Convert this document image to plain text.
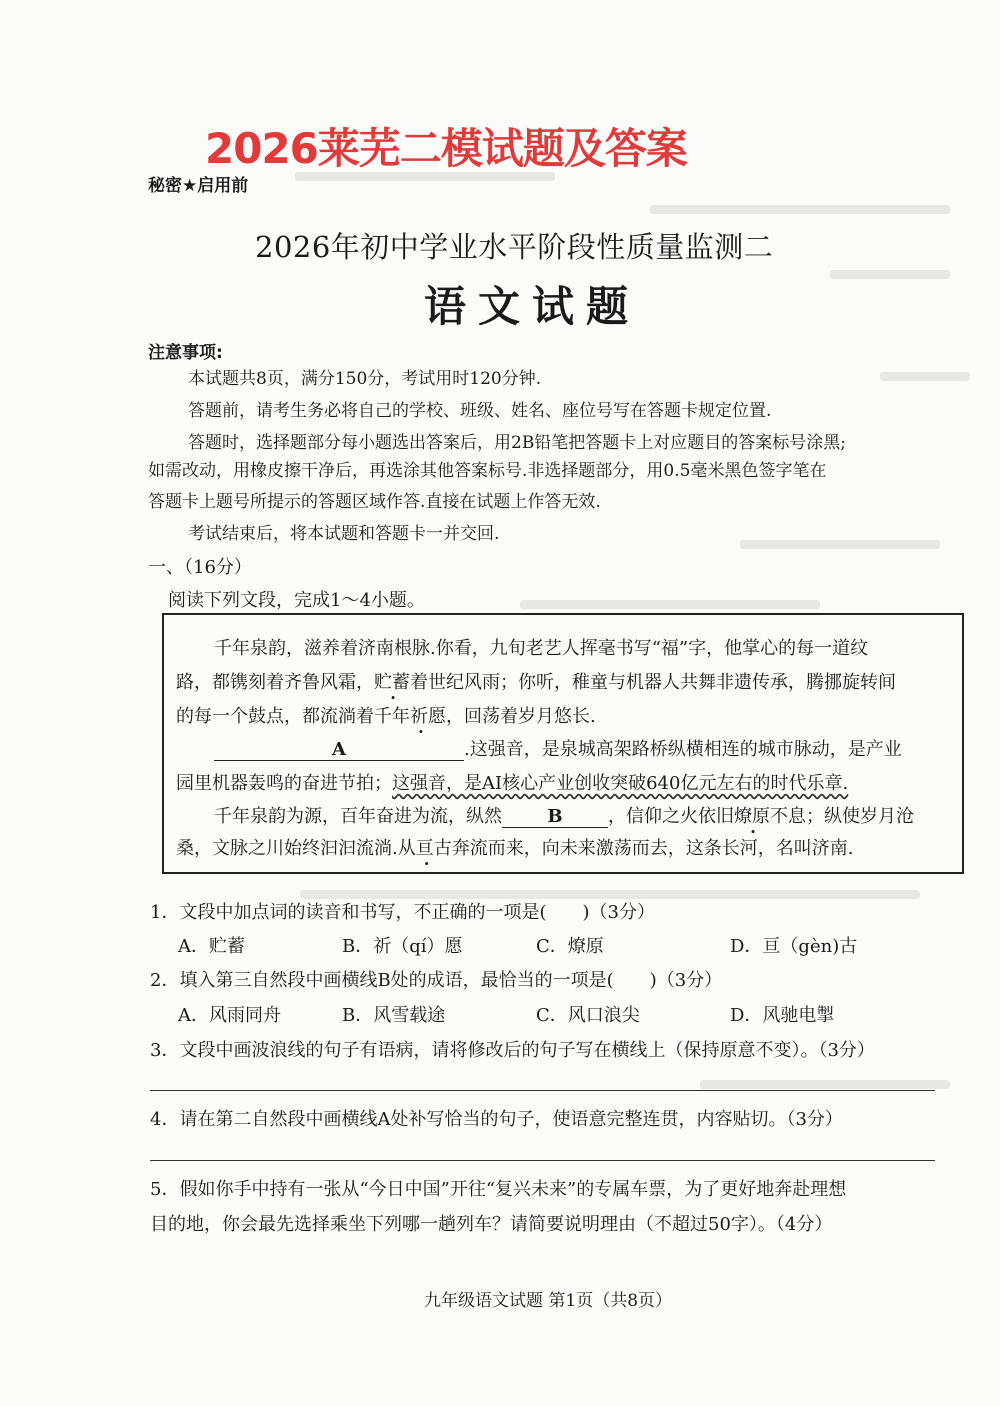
2026莱芜二模试题及答案
秘密★启用前
2026年初中学业水平阶段性质量监测二
语文试题
注意事项:
本试题共8页，满分150分，考试用时120分钟.
答题前，请考生务必将自己的学校、班级、姓名、座位号写在答题卡规定位置.
答题时，选择题部分每小题选出答案后，用2B铅笔把答题卡上对应题目的答案标号涂黑;
如需改动，用橡皮擦干净后，再选涂其他答案标号.非选择题部分，用0.5毫米黑色签字笔在
答题卡上题号所提示的答题区域作答.直接在试题上作答无效.
考试结束后，将本试题和答题卡一并交回.
一、（16分）
阅读下列文段，完成1～4小题。
千年泉韵，滋养着济南根脉.你看，九旬老艺人挥毫书写“福”字，他掌心的每一道纹
路，都镌刻着齐鲁风霜，贮蓄着世纪风雨；你听，稚童与机器人共舞非遗传承，腾挪旋转间
的每一个鼓点，都流淌着千年祈愿，回荡着岁月悠长.
A	.这强音，是泉城高架路桥纵横相连的城市脉动，是产业
园里机器轰鸣的奋进节拍；这强音，是AI核心产业创收突破640亿元左右的时代乐章.
千年泉韵为源，百年奋进为流，纵然	B	，信仰之火依旧燎原不息；纵使岁月沧
桑，文脉之川始终汩汩流淌.从亘古奔流而来，向未来激荡而去，这条长河，名叫济南.
1．文段中加点词的读音和书写，不正确的一项是(　　)（3分）
A．贮蓄	B．祈（qí）愿	C．燎原	D．亘（gèn)古
2．填入第三自然段中画横线B处的成语，最恰当的一项是(　　)（3分）
A．风雨同舟	B．风雪载途	C．风口浪尖	D．风驰电掣
3．文段中画波浪线的句子有语病，请将修改后的句子写在横线上（保持原意不变）。（3分）
4．请在第二自然段中画横线A处补写恰当的句子，使语意完整连贯，内容贴切。（3分）
5．假如你手中持有一张从“今日中国”开往“复兴未来”的专属车票，为了更好地奔赴理想
目的地，你会最先选择乘坐下列哪一趟列车？请简要说明理由（不超过50字）。（4分）
九年级语文试题 第1页（共8页）
